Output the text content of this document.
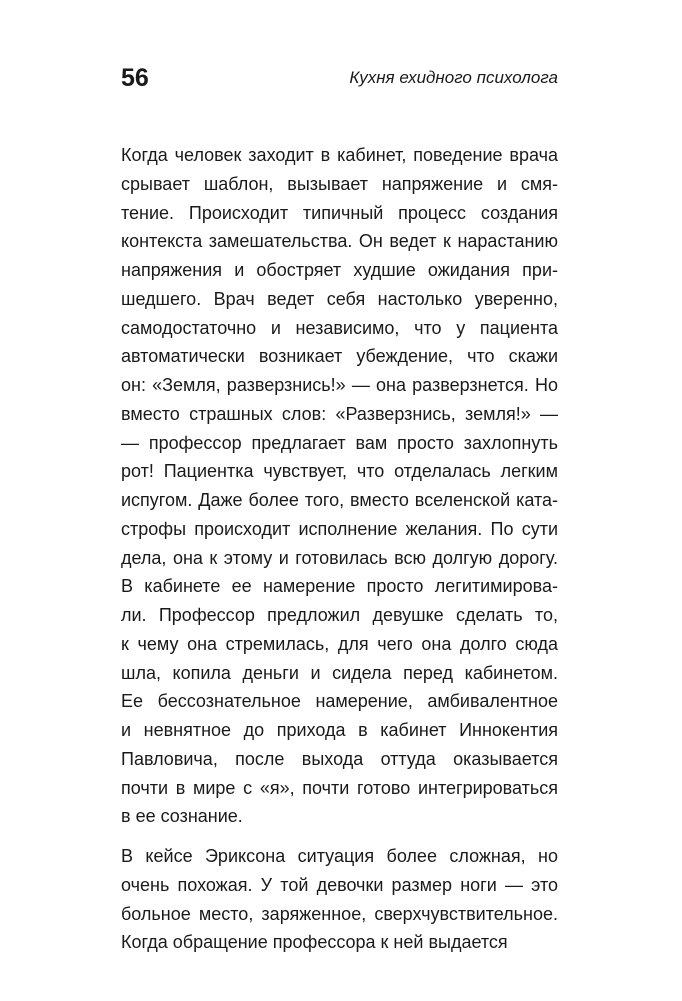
56	Кухня ехидного психолога
Когда человек заходит в кабинет, поведение врача
срывает шаблон, вызывает напряжение и смя-
тение. Происходит типичный процесс создания
контекста замешательства. Он ведет к нарастанию
напряжения и обостряет худшие ожидания при-
шедшего. Врач ведет себя настолько уверенно,
самодостаточно и независимо, что у пациента
автоматически возникает убеждение, что скажи
он: «Земля, разверзнись!» — она разверзнется. Но
вместо страшных слов: «Разверзнись, земля!» —
— профессор предлагает вам просто захлопнуть
рот! Пациентка чувствует, что отделалась легким
испугом. Даже более того, вместо вселенской ката-
строфы происходит исполнение желания. По сути
дела, она к этому и готовилась всю долгую дорогу.
В кабинете ее намерение просто легитимирова-
ли. Профессор предложил девушке сделать то,
к чему она стремилась, для чего она долго сюда
шла, копила деньги и сидела перед кабинетом.
Ее бессознательное намерение, амбивалентное
и невнятное до прихода в кабинет Иннокентия
Павловича, после выхода оттуда оказывается
почти в мире с «я», почти готово интегрироваться
в ее сознание.
В кейсе Эриксона ситуация более сложная, но
очень похожая. У той девочки размер ноги — это
больное место, заряженное, сверхчувствительное.
Когда обращение профессора к ней выдается
